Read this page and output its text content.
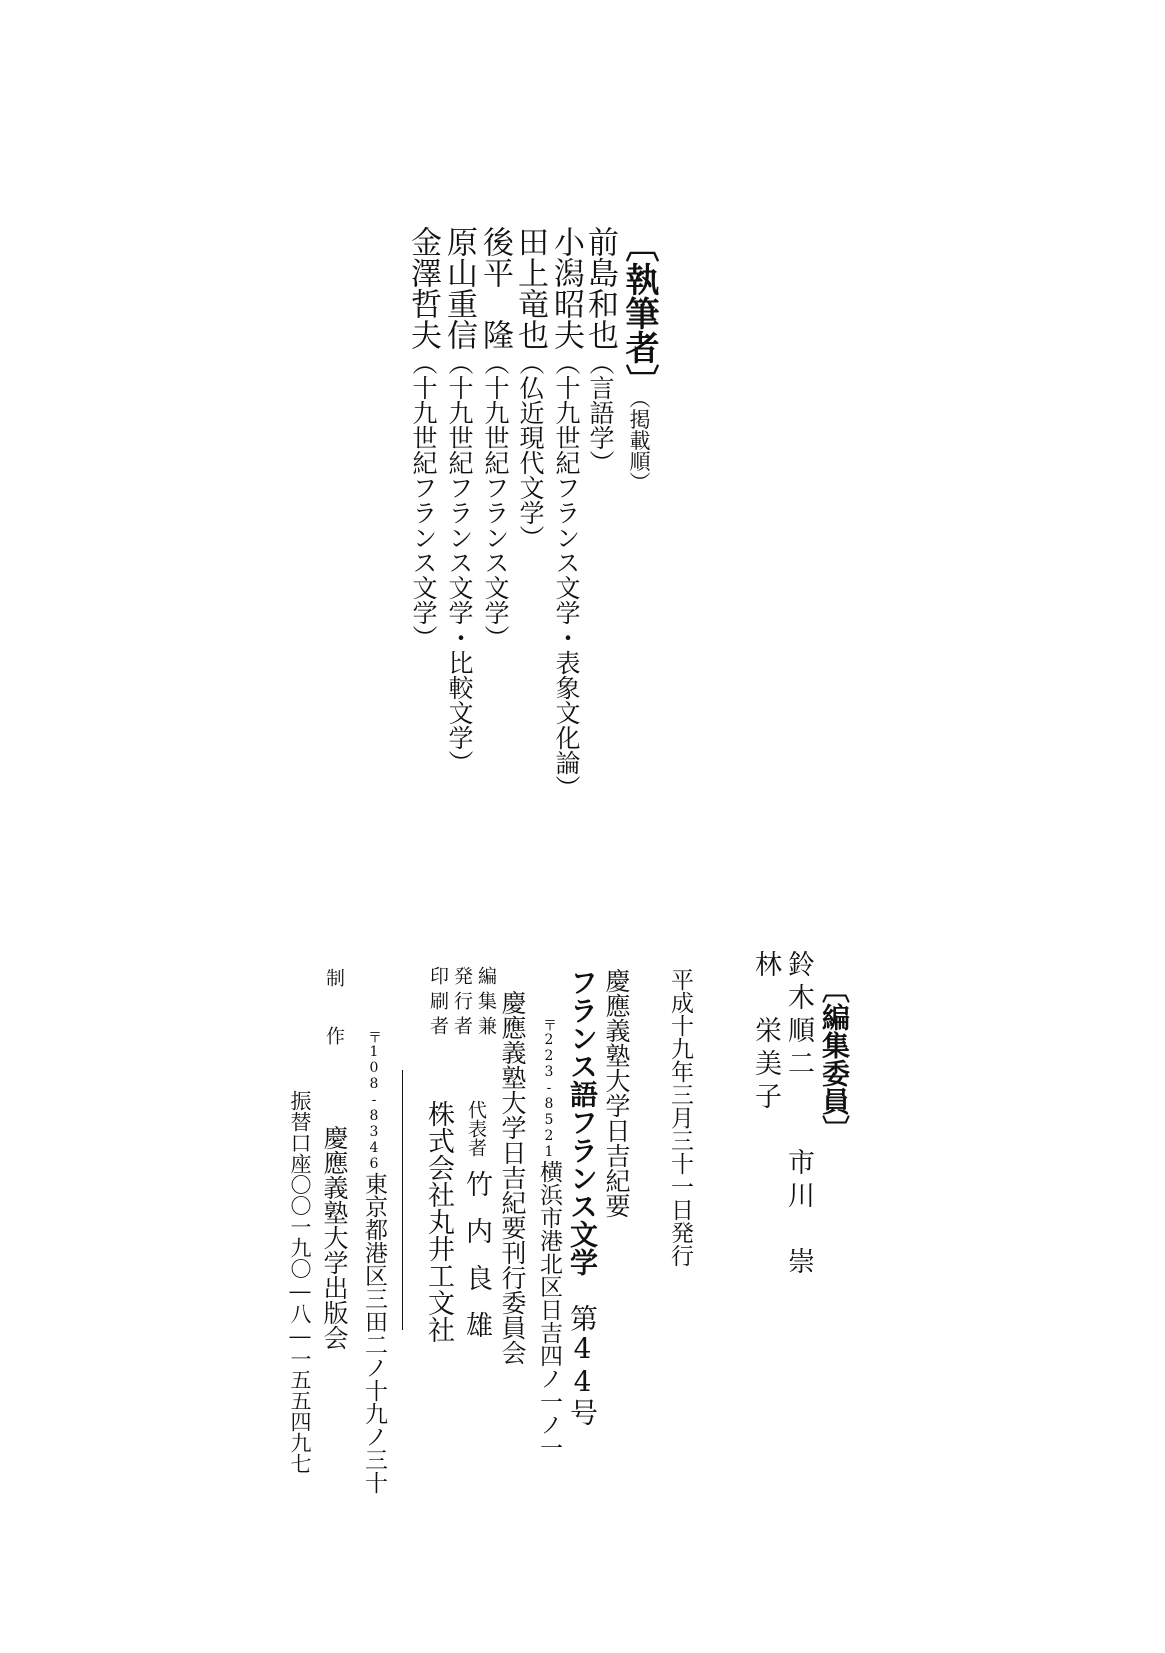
〔執筆者〕（掲載順）
前島和也（言語学）
小潟昭夫（十九世紀フランス文学・表象文化論）
田上竜也（仏近現代文学）
後平　隆（十九世紀フランス文学）
原山重信（十九世紀フランス文学・比較文学）
金澤哲夫（十九世紀フランス文学）
〔編集委員〕
鈴木順二　　市川　崇
林　栄美子
平成十九年三月三十一日発行
慶應義塾大学日吉紀要
フランス語フランス文学　第44号
〒223-8521横浜市港北区日吉四ノ一ノ一
慶應義塾大学日吉紀要刊行委員会
編集兼
発行者
印刷者
代表者
竹内良雄
株式会社丸井工文社
〒108-8346東京都港区三田二ノ十九ノ三十
制　作
慶應義塾大学出版会
振替口座〇〇一九〇―八―一五五四九七
